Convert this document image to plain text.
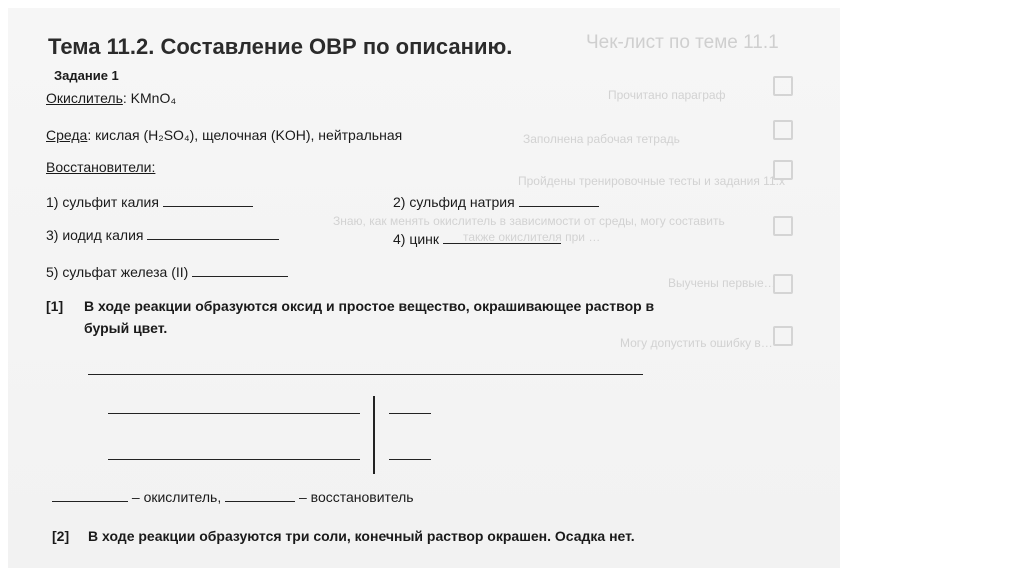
Чек-лист по теме 11.1
Прочитано параграф
Заполнена рабочая тетрадь
Пройдены тренировочные тесты и задания 11.x
Знаю, как менять окислитель в зависимости от среды, могу составить
также окислителя при …
Выучены первые…
Могу допустить ошибку в…
Тема 11.2. Составление ОВР по описанию.
Задание 1
Окислитель: KMnO₄
Среда: кислая (H₂SO₄), щелочная (KOH), нейтральная
Восстановители:
1) сульфит калия	2) сульфид натрия
3) иодид калия	4) цинк
5) сульфат железа (II)
[1] В ходе реакции образуются оксид и простое вещество, окрашивающее раствор в
бурый цвет.
– окислитель,	– восстановитель
[2] В ходе реакции образуются три соли, конечный раствор окрашен. Осадка нет.
